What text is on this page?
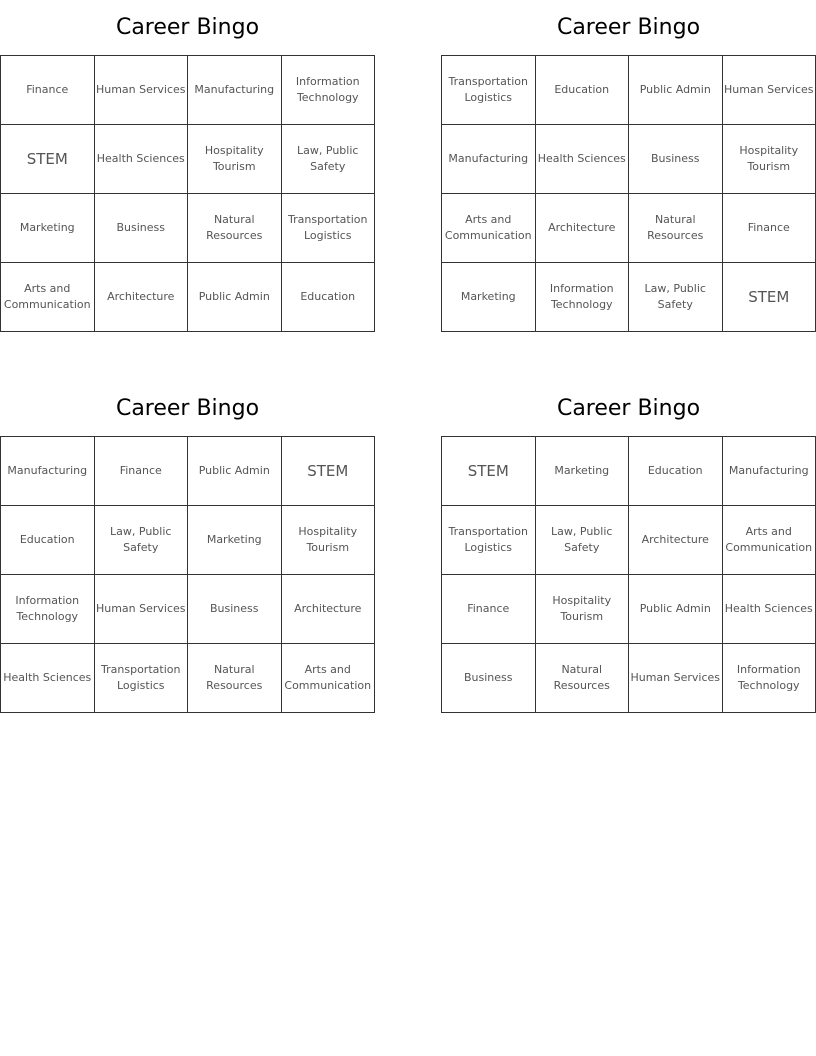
Career Bingo
Finance	Human Services	Manufacturing	Information Technology
STEM	Health Sciences	Hospitality Tourism	Law, Public Safety
Marketing	Business	Natural Resources	Transportation Logistics
Arts and Communication	Architecture	Public Admin	Education
Career Bingo
Transportation Logistics	Education	Public Admin	Human Services
Manufacturing	Health Sciences	Business	Hospitality Tourism
Arts and Communication	Architecture	Natural Resources	Finance
Marketing	Information Technology	Law, Public Safety	STEM
Career Bingo
Manufacturing	Finance	Public Admin	STEM
Education	Law, Public Safety	Marketing	Hospitality Tourism
Information Technology	Human Services	Business	Architecture
Health Sciences	Transportation Logistics	Natural Resources	Arts and Communication
Career Bingo
STEM	Marketing	Education	Manufacturing
Transportation Logistics	Law, Public Safety	Architecture	Arts and Communication
Finance	Hospitality Tourism	Public Admin	Health Sciences
Business	Natural Resources	Human Services	Information Technology
